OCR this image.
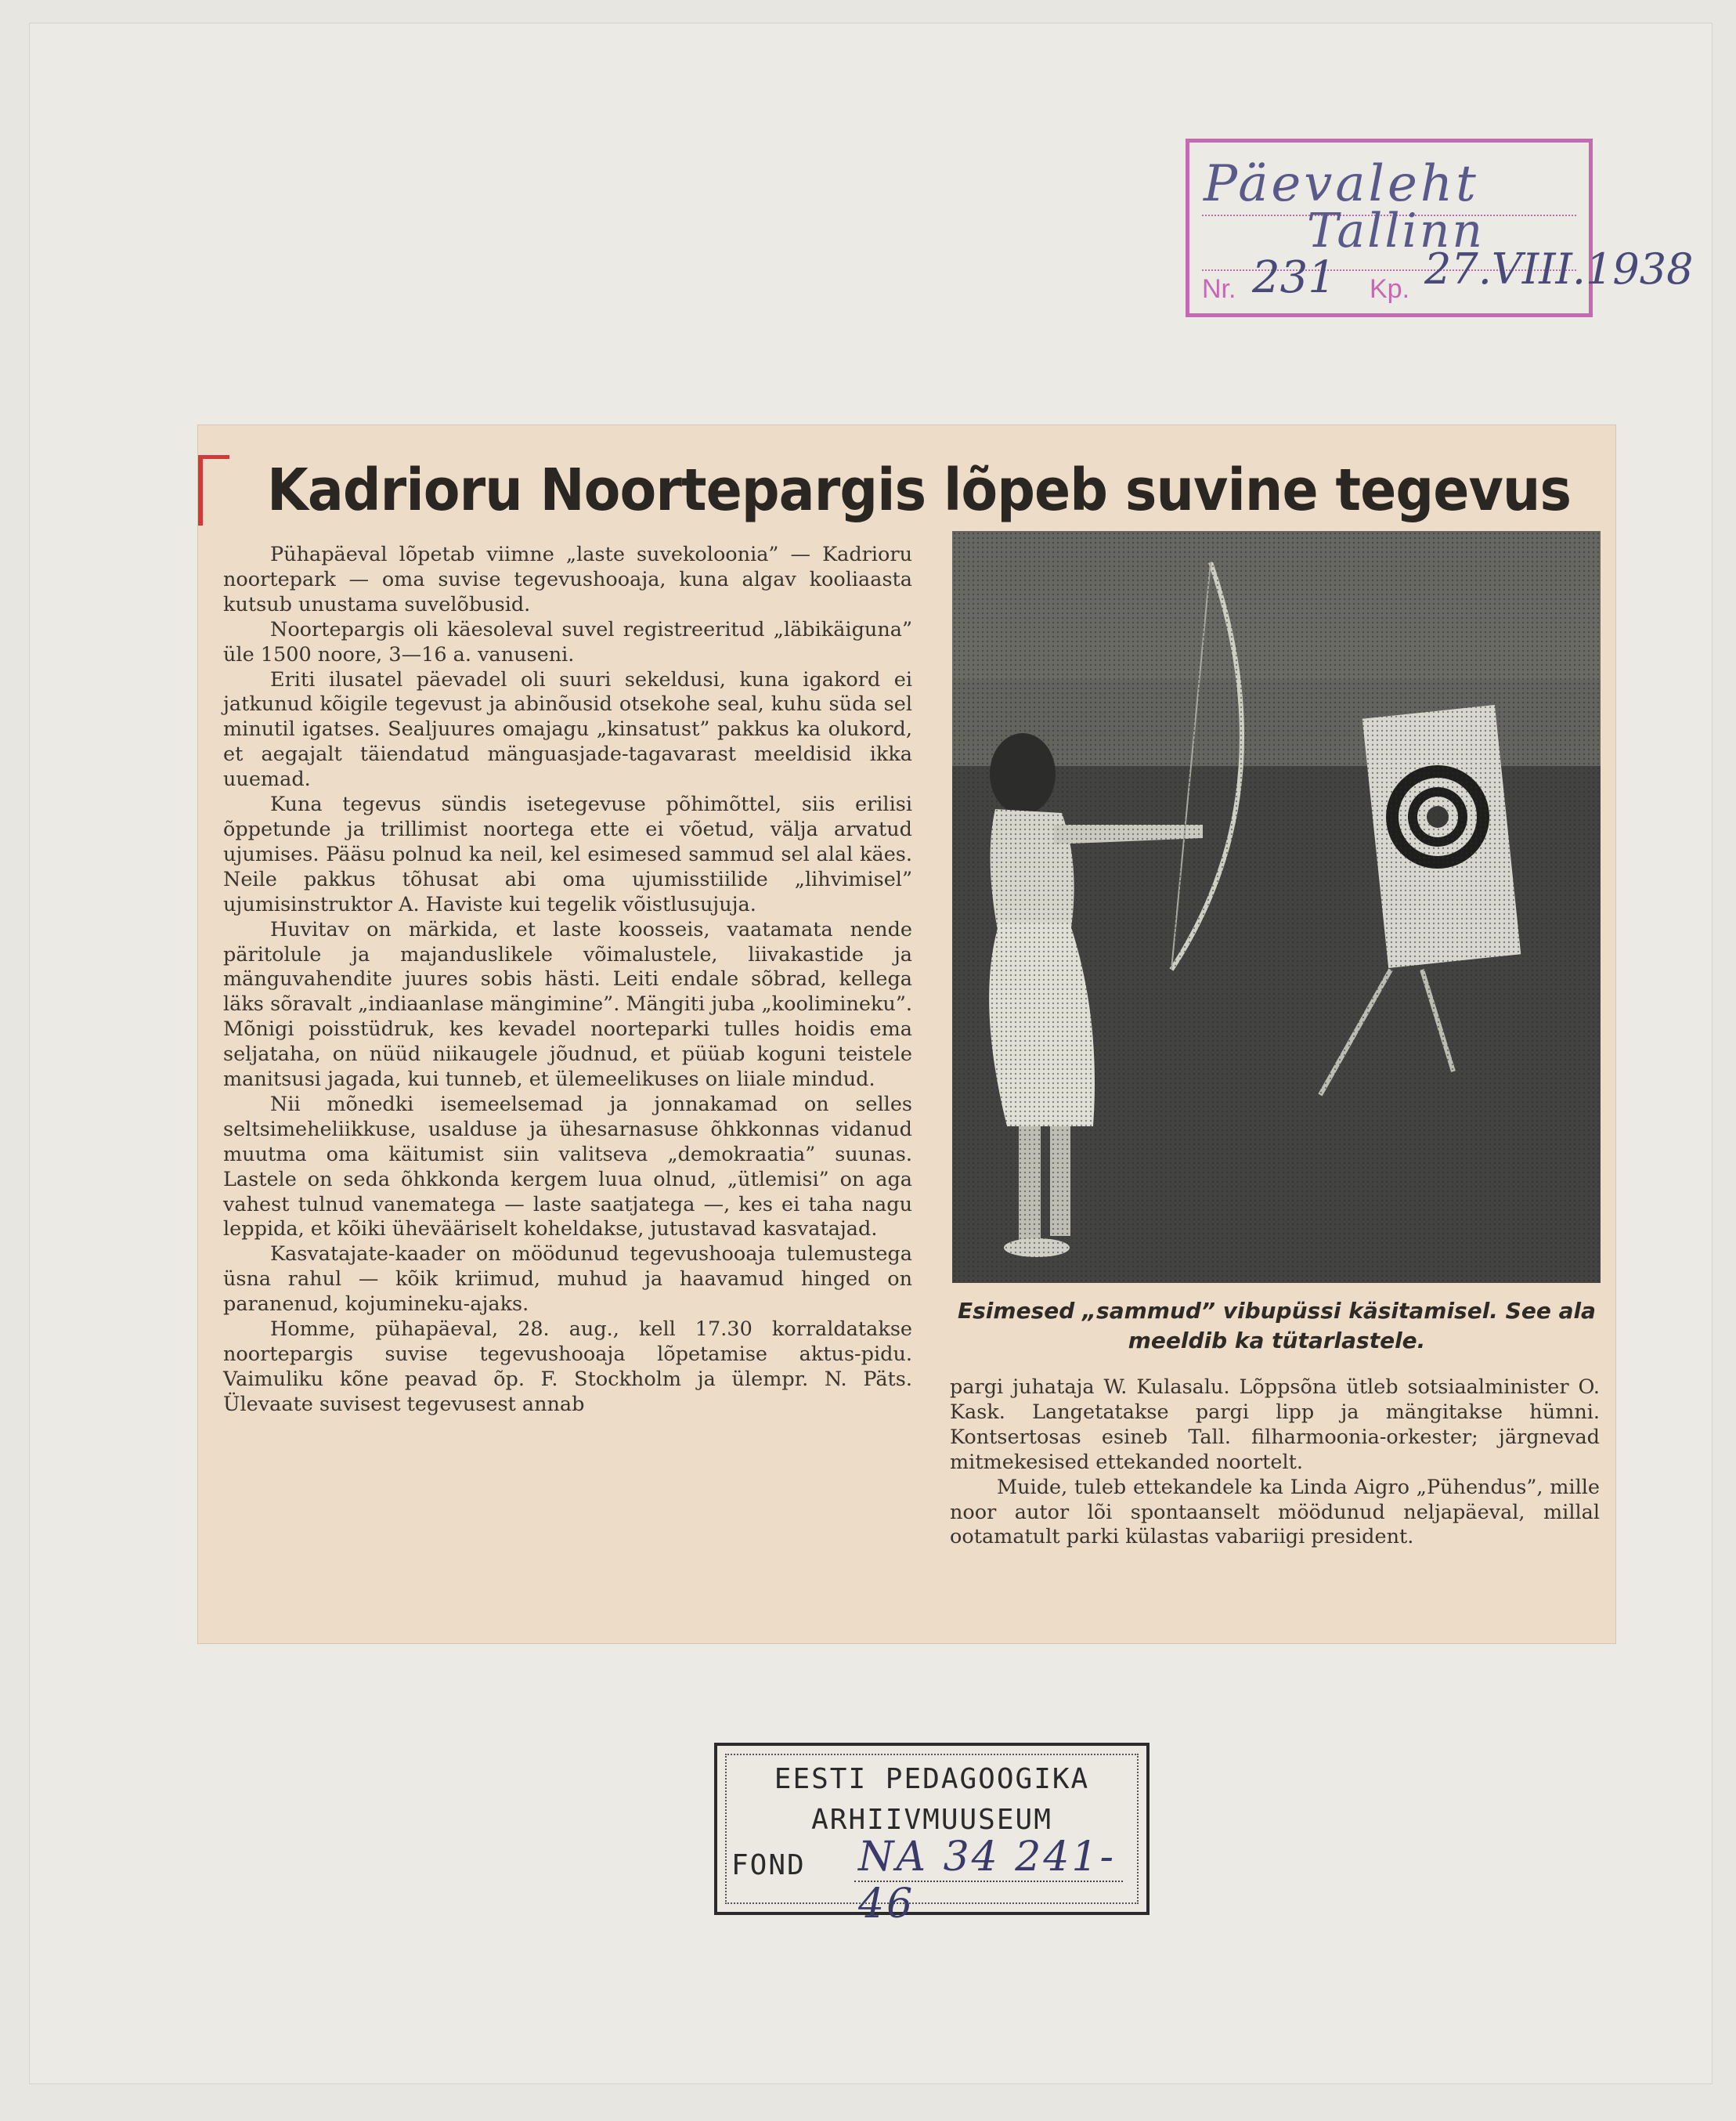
Päevaleht
Tallinn
Nr. 231 Kp. 27.VIII.1938
Kadrioru Noortepargis lõpeb suvine tegevus

Pühapäeval lõpetab viimne „laste suvekoloonia” — Kadrioru noortepark — oma suvise tegevushooaja, kuna algav kooliaasta kutsub unustama suvelõbusid.

Noortepargis oli käesoleval suvel registreeritud „läbikäiguna” üle 1500 noore, 3—16 a. vanuseni.

Eriti ilusatel päevadel oli suuri sekeldusi, kuna igakord ei jatkunud kõigile tegevust ja abinõusid otsekohe seal, kuhu süda sel minutil igatses. Sealjuures omajagu „kinsatust” pakkus ka olukord, et aegajalt täiendatud mänguasjade-tagavarast meeldisid ikka uuemad.

Kuna tegevus sündis isetegevuse põhimõttel, siis erilisi õppetunde ja trillimist noortega ette ei võetud, välja arvatud ujumises. Pääsu polnud ka neil, kel esimesed sammud sel alal käes. Neile pakkus tõhusat abi oma ujumisstiilide „lihvimisel” ujumisinstruktor A. Haviste kui tegelik võistlusujuja.

Huvitav on märkida, et laste koosseis, vaatamata nende päritolule ja majanduslikele võimalustele, liivakastide ja mänguvahendite juures sobis hästi. Leiti endale sõbrad, kellega läks sõravalt „indiaanlase mängimine”. Mängiti juba „koolimineku”. Mõnigi poisstüdruk, kes kevadel noorteparki tulles hoidis ema seljataha, on nüüd niikaugele jõudnud, et püüab koguni teistele manitsusi jagada, kui tunneb, et ülemeelikuses on liiale mindud.

Nii mõnedki isemeelsemad ja jonnakamad on selles seltsimeheliikkuse, usalduse ja ühesarnasuse õhkkonnas vidanud muutma oma käitumist siin valitseva „demokraatia” suunas. Lastele on seda õhkkonda kergem luua olnud, „ütlemisi” on aga vahest tulnud vanematega — laste saatjatega —, kes ei taha nagu leppida, et kõiki ühevääriselt koheldakse, jutustavad kasvatajad.

Kasvatajate-kaader on möödunud tegevushooaja tulemustega üsna rahul — kõik kriimud, muhud ja haavamud hinged on paranenud, kojumineku-ajaks.

Homme, pühapäeval, 28. aug., kell 17.30 korraldatakse noortepargis suvise tegevushooaja lõpetamise aktus-pidu. Vaimuliku kõne peavad õp. F. Stockholm ja ülempr. N. Päts. Ülevaate suvisest tegevusest annab

Esimesed „sammud” vibupüssi käsitamisel. See ala meeldib ka tütarlastele.

pargi juhataja W. Kulasalu. Lõppsõna ütleb sotsiaalminister O. Kask. Langetatakse pargi lipp ja mängitakse hümni. Kontsertosas esineb Tall. filharmoonia-orkester; järgnevad mitmekesised ettekanded noortelt.

Muide, tuleb ettekandele ka Linda Aigro „Pühendus”, mille noor autor lõi spontaanselt möödunud neljapäeval, millal ootamatult parki külastas vabariigi president.

EESTI PEDAGOOGIKA
ARHIIVMUUSEUM
FOND NA 34 241-46
